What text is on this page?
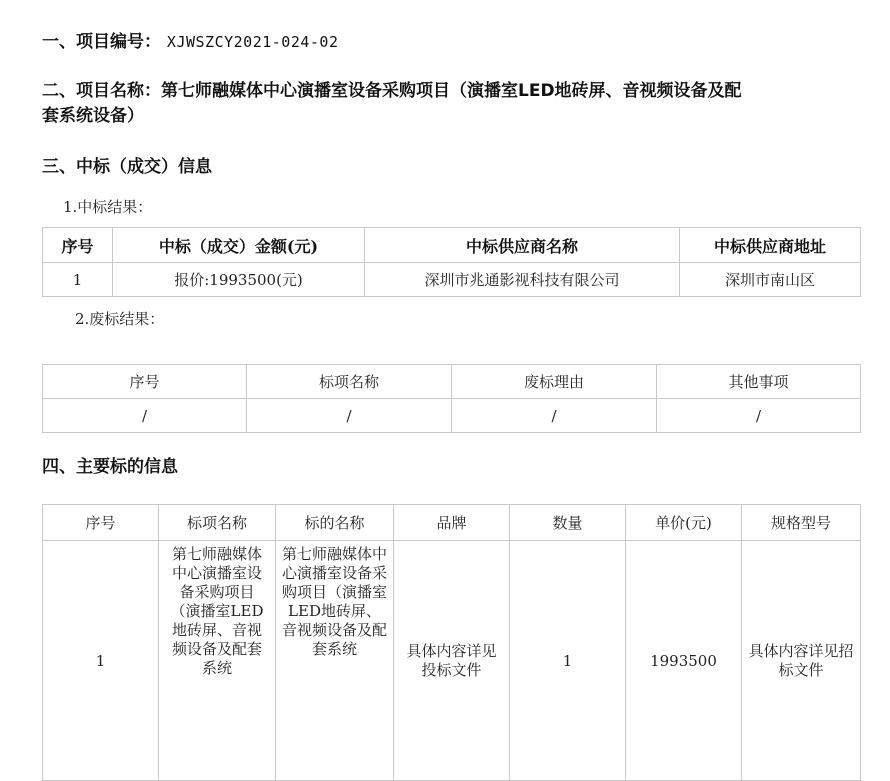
一、项目编号： XJWSZCY2021-024-02
二、项目名称：第七师融媒体中心演播室设备采购项目（演播室LED地砖屏、音视频设备及配
套系统设备）
三、中标（成交）信息
1.中标结果：
序号	中标（成交）金额(元)	中标供应商名称	中标供应商地址
1	报价:1993500(元)	深圳市兆通影视科技有限公司	深圳市南山区
2.废标结果：
序号	标项名称	废标理由	其他事项
/	/	/	/
四、主要标的信息
序号	标项名称	标的名称	品牌	数量	单价(元)	规格型号
1	第七师融媒体中心演播室设备采购项目（演播室LED地砖屏、音视频设备及配套系统	第七师融媒体中心演播室设备采购项目（演播室LED地砖屏、音视频设备及配套系统	具体内容详见投标文件	1	1993500	具体内容详见招标文件
